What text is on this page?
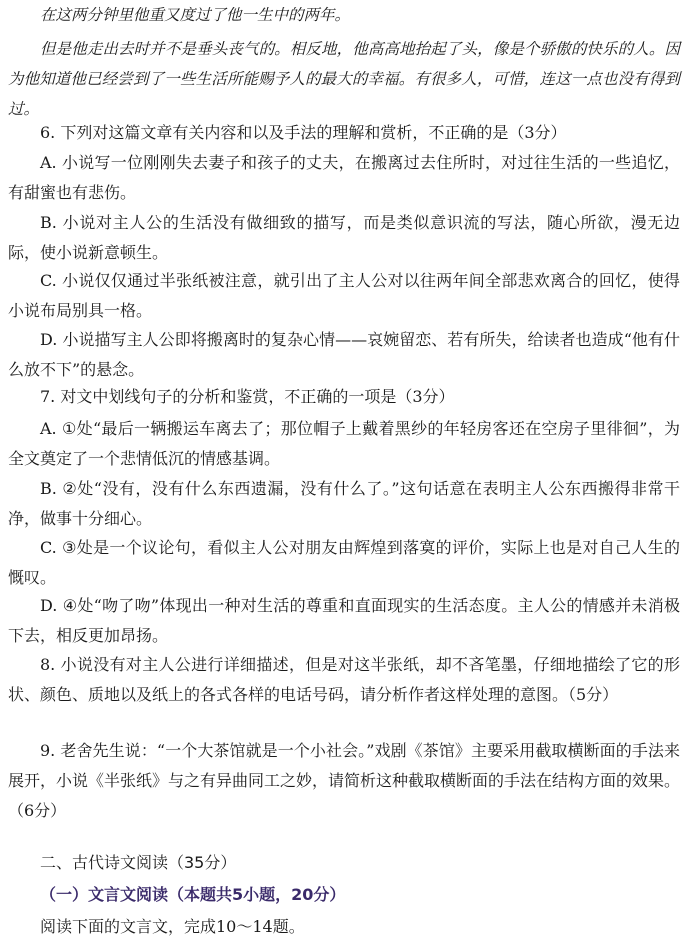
在这两分钟里他重又度过了他一生中的两年。

但是他走出去时并不是垂头丧气的。相反地，他高高地抬起了头，像是个骄傲的快乐的人。因为他知道他已经尝到了一些生活所能赐予人的最大的幸福。有很多人，可惜，连这一点也没有得到过。

6. 下列对这篇文章有关内容和以及手法的理解和赏析，不正确的是（3分）

A. 小说写一位刚刚失去妻子和孩子的丈夫，在搬离过去住所时，对过往生活的一些追忆，有甜蜜也有悲伤。

B. 小说对主人公的生活没有做细致的描写，而是类似意识流的写法，随心所欲，漫无边际，使小说新意顿生。

C. 小说仅仅通过半张纸被注意，就引出了主人公对以往两年间全部悲欢离合的回忆，使得小说布局别具一格。

D. 小说描写主人公即将搬离时的复杂心情——哀婉留恋、若有所失，给读者也造成“他有什么放不下”的悬念。

7. 对文中划线句子的分析和鉴赏，不正确的一项是（3分）

A. ①处“最后一辆搬运车离去了；那位帽子上戴着黑纱的年轻房客还在空房子里徘徊”，为全文奠定了一个悲情低沉的情感基调。

B. ②处“没有，没有什么东西遗漏，没有什么了。”这句话意在表明主人公东西搬得非常干净，做事十分细心。

C. ③处是一个议论句，看似主人公对朋友由辉煌到落寞的评价，实际上也是对自己人生的慨叹。

D. ④处“吻了吻”体现出一种对生活的尊重和直面现实的生活态度。主人公的情感并未消极下去，相反更加昂扬。

8. 小说没有对主人公进行详细描述，但是对这半张纸，却不吝笔墨，仔细地描绘了它的形状、颜色、质地以及纸上的各式各样的电话号码，请分析作者这样处理的意图。（5分）

9. 老舍先生说：“一个大茶馆就是一个小社会。”戏剧《茶馆》主要采用截取横断面的手法来展开，小说《半张纸》与之有异曲同工之妙，请简析这种截取横断面的手法在结构方面的效果。（6分）

二、古代诗文阅读（35分）

（一）文言文阅读（本题共5小题，20分）

阅读下面的文言文，完成10～14题。
